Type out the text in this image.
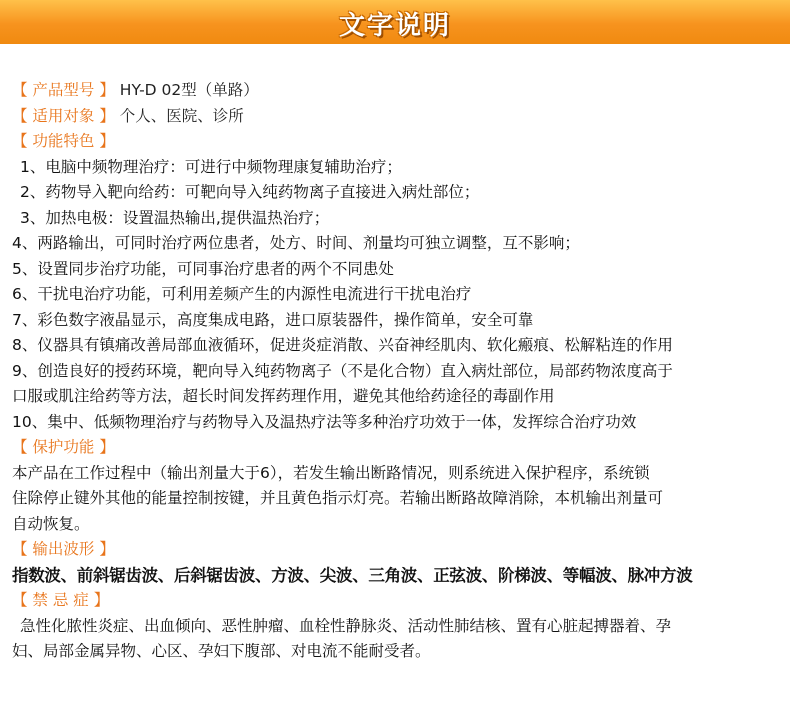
文字说明
【 产品型号 】 HY-D 02型（单路）
【 适用对象 】 个人、医院、诊所
【 功能特色 】
1、电脑中频物理治疗：可进行中频物理康复辅助治疗；
2、药物导入靶向给药：可靶向导入纯药物离子直接进入病灶部位；
3、加热电极：设置温热输出,提供温热治疗；
4、两路输出，可同时治疗两位患者，处方、时间、剂量均可独立调整，互不影响；
5、设置同步治疗功能，可同事治疗患者的两个不同患处
6、干扰电治疗功能，可利用差频产生的内源性电流进行干扰电治疗
7、彩色数字液晶显示，高度集成电路，进口原装器件，操作简单，安全可靠
8、仪器具有镇痛改善局部血液循环，促进炎症消散、兴奋神经肌肉、软化瘢痕、松解粘连的作用
9、创造良好的授药环境，靶向导入纯药物离子（不是化合物）直入病灶部位，局部药物浓度高于
口服或肌注给药等方法，超长时间发挥药理作用，避免其他给药途径的毒副作用
10、集中、低频物理治疗与药物导入及温热疗法等多种治疗功效于一体，发挥综合治疗功效
【 保护功能 】
本产品在工作过程中（输出剂量大于6），若发生输出断路情况，则系统进入保护程序，系统锁
住除停止键外其他的能量控制按键，并且黄色指示灯亮。若输出断路故障消除，本机输出剂量可
自动恢复。
【 输出波形 】
指数波、前斜锯齿波、后斜锯齿波、方波、尖波、三角波、正弦波、阶梯波、等幅波、脉冲方波
【 禁 忌 症 】
急性化脓性炎症、出血倾向、恶性肿瘤、血栓性静脉炎、活动性肺结核、置有心脏起搏器着、孕
妇、局部金属异物、心区、孕妇下腹部、对电流不能耐受者。
